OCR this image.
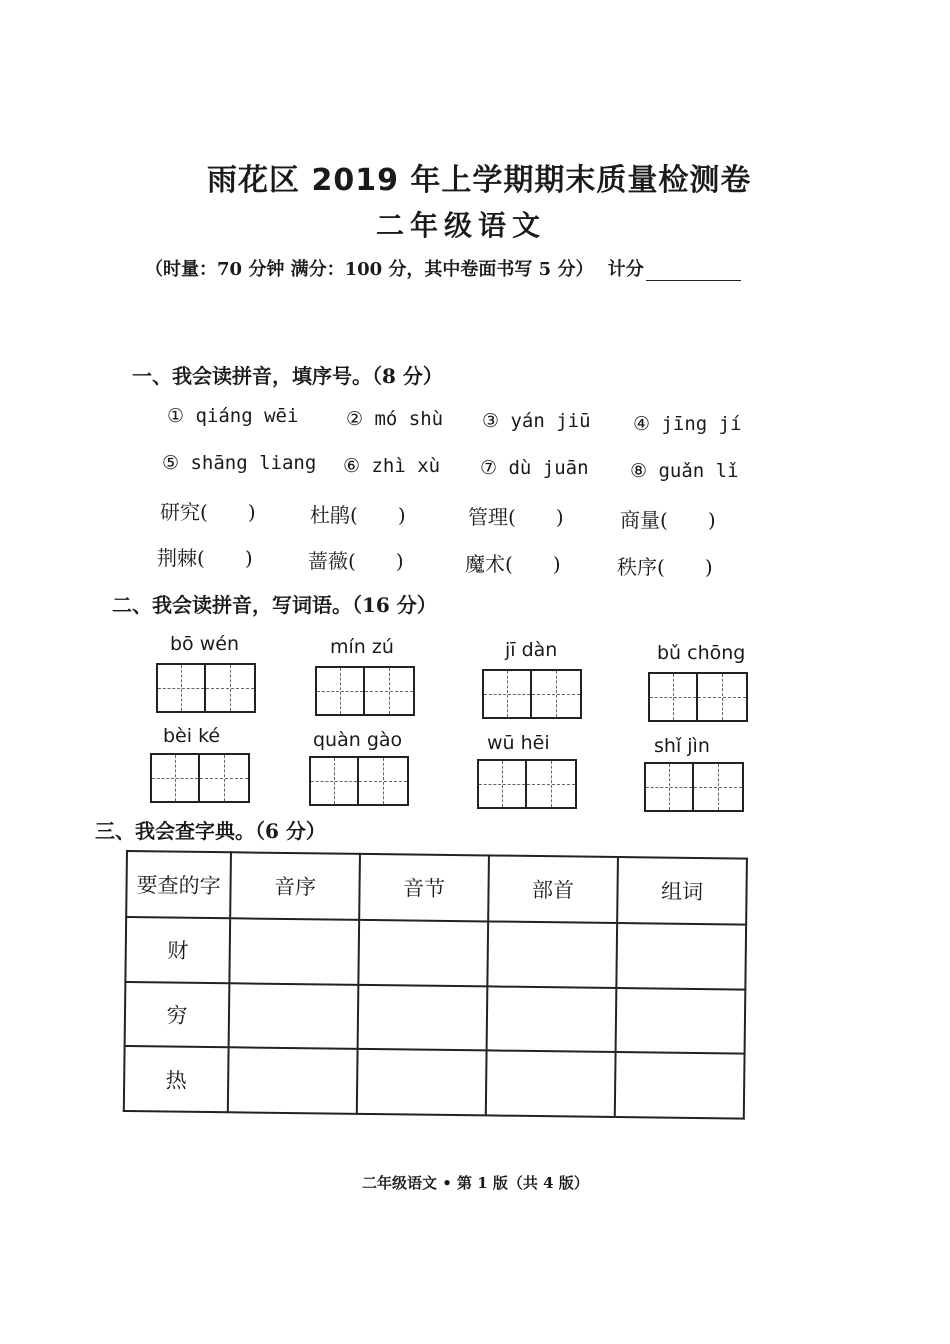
雨花区 2019 年上学期期末质量检测卷
二年级语文
（时量：70 分钟 满分：100 分，其中卷面书写 5 分） 计分
一、我会读拼音，填序号。（8 分）
① qiáng wēi	② mó shù ③ yán jiū ④ jīng jí
⑤ shāng liang ⑥ zhì xù ⑦ dù juān ⑧ guǎn lǐ
研究( )	杜鹃( )	管理( )	商量( )
荆棘( )	蔷薇( )	魔术( )	秩序( )
二、我会读拼音，写词语。（16 分）
bō wén	mín zú	jī dàn	bǔ chōng
bèi ké	quàn gào	wū hēi	shǐ jìn
三、我会查字典。（6 分）
要查的字	音序	音节	部首	组词
财				
穷				
热				
二年级语文 • 第 1 版（共 4 版）
